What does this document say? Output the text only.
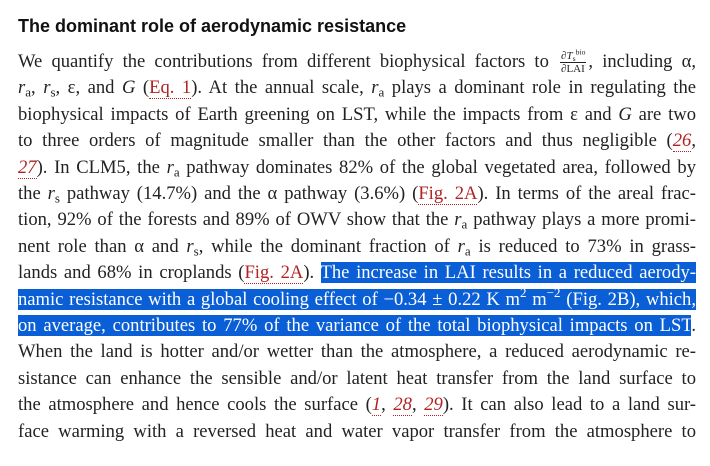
The dominant role of aerodynamic resistance
We quantify the contributions from different biophysical factors to $\frac{\partial T_s^{bio}}{\text{∂LAI}}$ , including α,
$r_a$, $r_s$, ε, and G (Eq. 1). At the annual scale, $r_a$ plays a dominant role in regulating the
biophysical impacts of Earth greening on LST, while the impacts from ε and G are two
to three orders of magnitude smaller than the other factors and thus negligible (26,
27). In CLM5, the $r_a$ pathway dominates 82% of the global vegetated area, followed by
the $r_s$ pathway (14.7%) and the α pathway (3.6%) (Fig. 2A). In terms of the areal frac-
tion, 92% of the forests and 89% of OWV show that the $r_a$ pathway plays a more promi-
nent role than α and $r_s$, while the dominant fraction of $r_a$ is reduced to 73% in grass-
lands and 68% in croplands (Fig. 2A). The increase in LAI results in a reduced aerody-
namic resistance with a global cooling effect of −0.34 ± 0.22 K $m^2$ $m^{-2}$ (Fig. 2B), which,
on average, contributes to 77% of the variance of the total biophysical impacts on LST.
When the land is hotter and/or wetter than the atmosphere, a reduced aerodynamic re-
sistance can enhance the sensible and/or latent heat transfer from the land surface to
the atmosphere and hence cools the surface (1, 28, 29). It can also lead to a land sur-
face warming with a reversed heat and water vapor transfer from the atmosphere to
